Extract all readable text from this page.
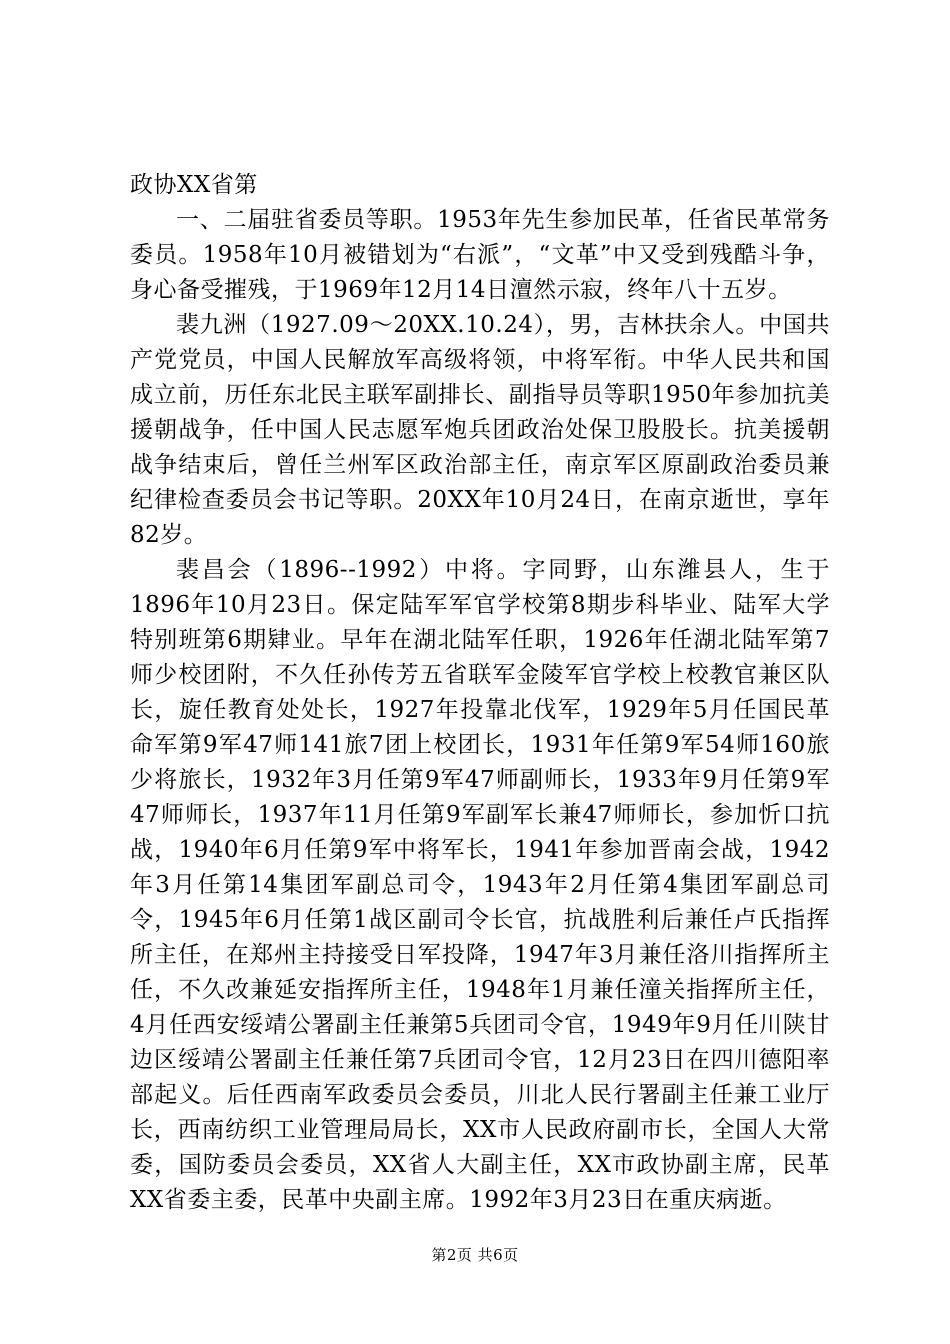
政协XX省第

一、二届驻省委员等职。1953年先生参加民革，任省民革常务委员。1958年10月被错划为“右派”，“文革”中又受到残酷斗争，身心备受摧残，于1969年12月14日澶然示寂，终年八十五岁。

裴九洲（1927.09～20XX.10.24），男，吉林扶余人。中国共产党党员，中国人民解放军高级将领，中将军衔。中华人民共和国成立前，历任东北民主联军副排长、副指导员等职1950年参加抗美援朝战争，任中国人民志愿军炮兵团政治处保卫股股长。抗美援朝战争结束后，曾任兰州军区政治部主任，南京军区原副政治委员兼纪律检查委员会书记等职。20XX年10月24日，在南京逝世，享年82岁。

裴昌会（1896--1992）中将。字同野，山东潍县人，生于1896年10月23日。保定陆军军官学校第8期步科毕业、陆军大学特别班第6期肄业。早年在湖北陆军任职，1926年任湖北陆军第7师少校团附，不久任孙传芳五省联军金陵军官学校上校教官兼区队长，旋任教育处处长，1927年投靠北伐军，1929年5月任国民革命军第9军47师141旅7团上校团长，1931年任第9军54师160旅少将旅长，1932年3月任第9军47师副师长，1933年9月任第9军47师师长，1937年11月任第9军副军长兼47师师长，参加忻口抗战，1940年6月任第9军中将军长，1941年参加晋南会战，1942年3月任第14集团军副总司令，1943年2月任第4集团军副总司令，1945年6月任第1战区副司令长官，抗战胜利后兼任卢氏指挥所主任，在郑州主持接受日军投降，1947年3月兼任洛川指挥所主任，不久改兼延安指挥所主任，1948年1月兼任潼关指挥所主任，4月任西安绥靖公署副主任兼第5兵团司令官，1949年9月任川陕甘边区绥靖公署副主任兼任第7兵团司令官，12月23日在四川德阳率部起义。后任西南军政委员会委员，川北人民行署副主任兼工业厅长，西南纺织工业管理局局长，XX市人民政府副市长，全国人大常委，国防委员会委员，XX省人大副主任，XX市政协副主席，民革XX省委主委，民革中央副主席。1992年3月23日在重庆病逝。

第2页 共6页
